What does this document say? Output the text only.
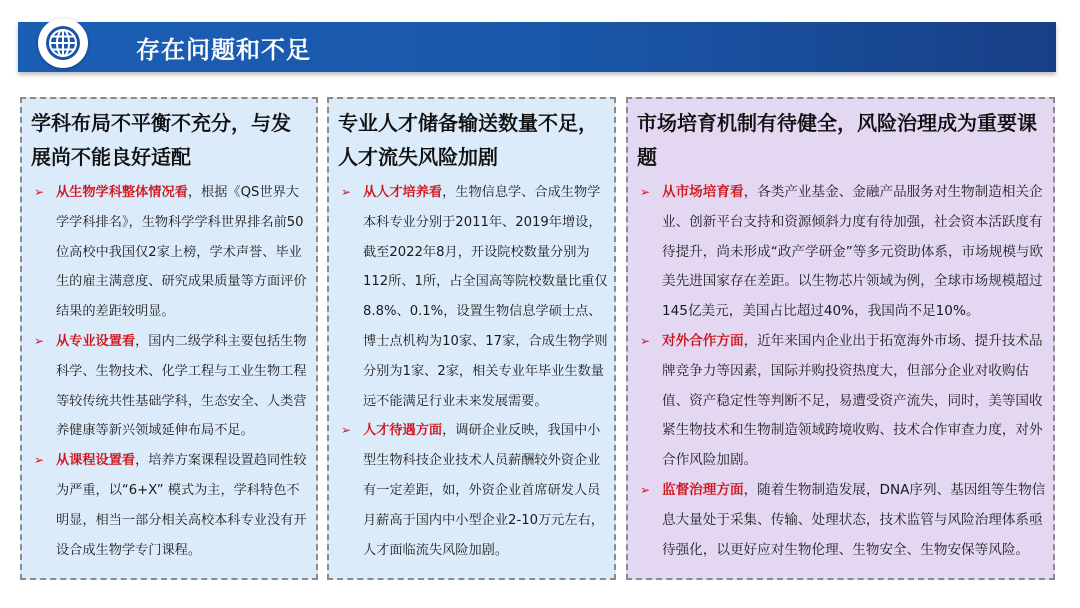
存在问题和不足
学科布局不平衡不充分，与发展尚不能良好适配
➢ 从生物学科整体情况看，根据《QS世界大学学科排名》，生物科学学科世界排名前50位高校中我国仅2家上榜，学术声誉、毕业生的雇主满意度、研究成果质量等方面评价结果的差距较明显。
➢ 从专业设置看，国内二级学科主要包括生物科学、生物技术、化学工程与工业生物工程等较传统共性基础学科，生态安全、人类营养健康等新兴领域延伸布局不足。
➢ 从课程设置看，培养方案课程设置趋同性较为严重，以“6+X” 模式为主，学科特色不明显，相当一部分相关高校本科专业没有开设合成生物学专门课程。
专业人才储备输送数量不足，人才流失风险加剧
➢ 从人才培养看，生物信息学、合成生物学本科专业分别于2011年、2019年增设，截至2022年8月，开设院校数量分别为112所、1所，占全国高等院校数量比重仅8.8%、0.1%，设置生物信息学硕士点、博士点机构为10家、17家，合成生物学则分别为1家、2家，相关专业年毕业生数量远不能满足行业未来发展需要。
➢ 人才待遇方面，调研企业反映，我国中小型生物科技企业技术人员薪酬较外资企业有一定差距，如，外资企业首席研发人员月薪高于国内中小型企业2-10万元左右，人才面临流失风险加剧。
市场培育机制有待健全，风险治理成为重要课题
➢ 从市场培育看，各类产业基金、金融产品服务对生物制造相关企业、创新平台支持和资源倾斜力度有待加强，社会资本活跃度有待提升，尚未形成“政产学研金”等多元资助体系，市场规模与欧美先进国家存在差距。以生物芯片领域为例，全球市场规模超过145亿美元，美国占比超过40%，我国尚不足10%。
➢ 对外合作方面，近年来国内企业出于拓宽海外市场、提升技术品牌竞争力等因素，国际并购投资热度大，但部分企业对收购估值、资产稳定性等判断不足，易遭受资产流失，同时，美等国收紧生物技术和生物制造领域跨境收购、技术合作审查力度，对外合作风险加剧。
➢ 监督治理方面，随着生物制造发展，DNA序列、基因组等生物信息大量处于采集、传输、处理状态，技术监管与风险治理体系亟待强化，以更好应对生物伦理、生物安全、生物安保等风险。
